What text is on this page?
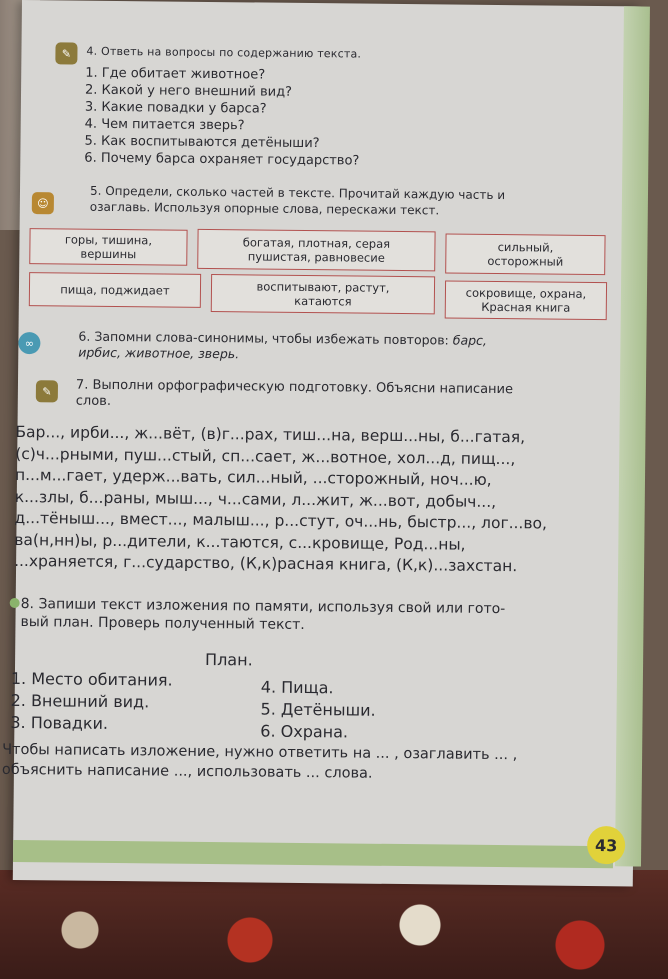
✎	4. Ответь на вопросы по содержанию текста.
1. Где обитает животное?
2. Какой у него внешний вид?
3. Какие повадки у барса?
4. Чем питается зверь?
5. Как воспитываются детёныши?
6. Почему барса охраняет государство?
☺
5. Определи, сколько частей в тексте. Прочитай каждую часть и
озаглавь. Используя опорные слова, перескажи текст.
горы, тишина,
вершины
богатая, плотная, серая
пушистая, равновесие
сильный,
осторожный
пища, поджидает	воспитывают, растут,
катаются
сокровище, охрана,
Красная книга
∞	6. Запомни слова-синонимы, чтобы избежать повторов: барс,
ирбис, животное, зверь.
✎	7. Выполни орфографическую подготовку. Объясни написание
слов.
Бар..., ирби..., ж...вёт, (в)г...рах, тиш...на, верш...ны, б...гатая,
(с)ч...рными, пуш...стый, сп...сает, ж...вотное, хол...д, пищ...,
п...м...гает, удерж...вать, сил...ный, ...сторожный, ноч...ю,
к...злы, б...раны, мыш..., ч...сами, л...жит, ж...вот, добыч...,
д...тёныш..., вмест..., малыш..., р...стут, оч...нь, быстр..., лог...во,
ва(н,нн)ы, р...дители, к...таются, с...кровище, Род...ны,
...храняется, г...сударство, (К,к)расная книга, (К,к)...захстан.
8. Запиши текст изложения по памяти, используя свой или гото-
вый план. Проверь полученный текст.
План.
1. Место обитания.
2. Внешний вид.
3. Повадки.
4. Пища.
5. Детёныши.
6. Охрана.
Чтобы написать изложение, нужно ответить на ... , озаглавить ... ,
объяснить написание ..., использовать ... слова.
43
